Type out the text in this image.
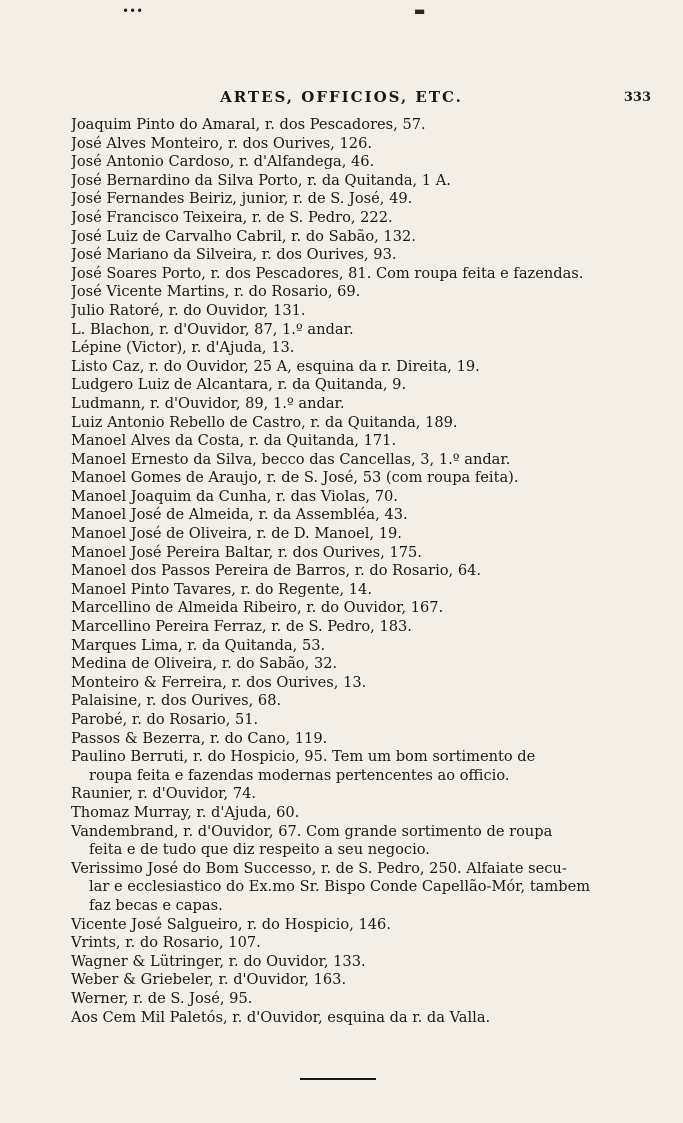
•••	▬
ARTES, OFFICIOS, ETC.	333
Joaquim Pinto do Amaral, r. dos Pescadores, 57.
José Alves Monteiro, r. dos Ourives, 126.
José Antonio Cardoso, r. d'Alfandega, 46.
José Bernardino da Silva Porto, r. da Quitanda, 1 A.
José Fernandes Beiriz, junior, r. de S. José, 49.
José Francisco Teixeira, r. de S. Pedro, 222.
José Luiz de Carvalho Cabril, r. do Sabão, 132.
José Mariano da Silveira, r. dos Ourives, 93.
José Soares Porto, r. dos Pescadores, 81. Com roupa feita e fazendas.
José Vicente Martins, r. do Rosario, 69.
Julio Ratoré, r. do Ouvidor, 131.
L. Blachon, r. d'Ouvidor, 87, 1.º andar.
Lépine (Victor), r. d'Ajuda, 13.
Listo Caz, r. do Ouvidor, 25 A, esquina da r. Direita, 19.
Ludgero Luiz de Alcantara, r. da Quitanda, 9.
Ludmann, r. d'Ouvidor, 89, 1.º andar.
Luiz Antonio Rebello de Castro, r. da Quitanda, 189.
Manoel Alves da Costa, r. da Quitanda, 171.
Manoel Ernesto da Silva, becco das Cancellas, 3, 1.º andar.
Manoel Gomes de Araujo, r. de S. José, 53 (com roupa feita).
Manoel Joaquim da Cunha, r. das Violas, 70.
Manoel José de Almeida, r. da Assembléa, 43.
Manoel José de Oliveira, r. de D. Manoel, 19.
Manoel José Pereira Baltar, r. dos Ourives, 175.
Manoel dos Passos Pereira de Barros, r. do Rosario, 64.
Manoel Pinto Tavares, r. do Regente, 14.
Marcellino de Almeida Ribeiro, r. do Ouvidor, 167.
Marcellino Pereira Ferraz, r. de S. Pedro, 183.
Marques Lima, r. da Quitanda, 53.
Medina de Oliveira, r. do Sabão, 32.
Monteiro & Ferreira, r. dos Ourives, 13.
Palaisine, r. dos Ourives, 68.
Parobé, r. do Rosario, 51.
Passos & Bezerra, r. do Cano, 119.
Paulino Berruti, r. do Hospicio, 95. Tem um bom sortimento de
roupa feita e fazendas modernas pertencentes ao officio.
Raunier, r. d'Ouvidor, 74.
Thomaz Murray, r. d'Ajuda, 60.
Vandembrand, r. d'Ouvidor, 67. Com grande sortimento de roupa
feita e de tudo que diz respeito a seu negocio.
Verissimo José do Bom Successo, r. de S. Pedro, 250. Alfaiate secu-
lar e ecclesiastico do Ex.mo Sr. Bispo Conde Capellão-Mór, tambem
faz becas e capas.
Vicente José Salgueiro, r. do Hospicio, 146.
Vrints, r. do Rosario, 107.
Wagner & Lütringer, r. do Ouvidor, 133.
Weber & Griebeler, r. d'Ouvidor, 163.
Werner, r. de S. José, 95.
Aos Cem Mil Paletós, r. d'Ouvidor, esquina da r. da Valla.
